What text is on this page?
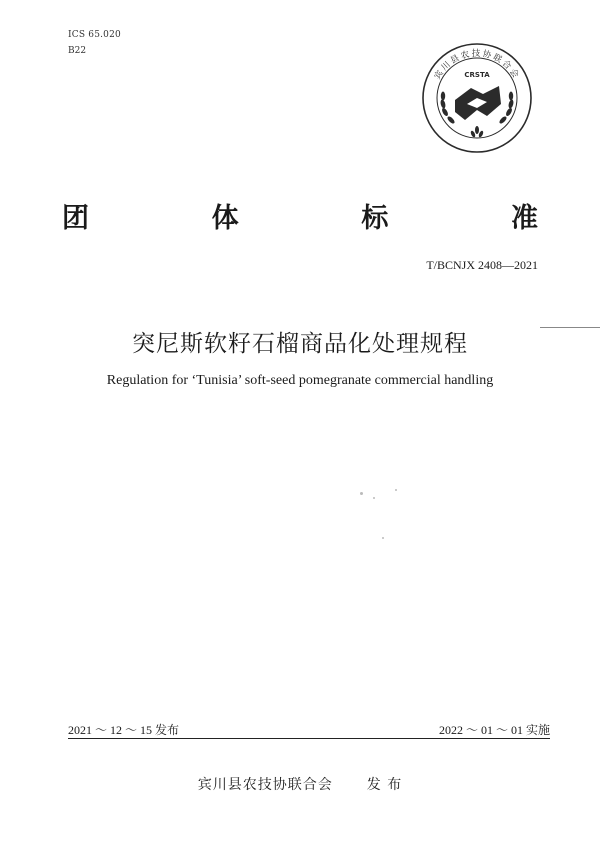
ICS 65.020
B22
宾川县农技协联合会
CRSTA
团	体	标	准
T/BCNJX 2408—2021
突尼斯软籽石榴商品化处理规程
Regulation for ‘Tunisia’ soft-seed pomegranate commercial handling
2021 ～ 12 ～ 15 发布	2022 ～ 01 ～ 01 实施
宾川县农技协联合会 发 布
